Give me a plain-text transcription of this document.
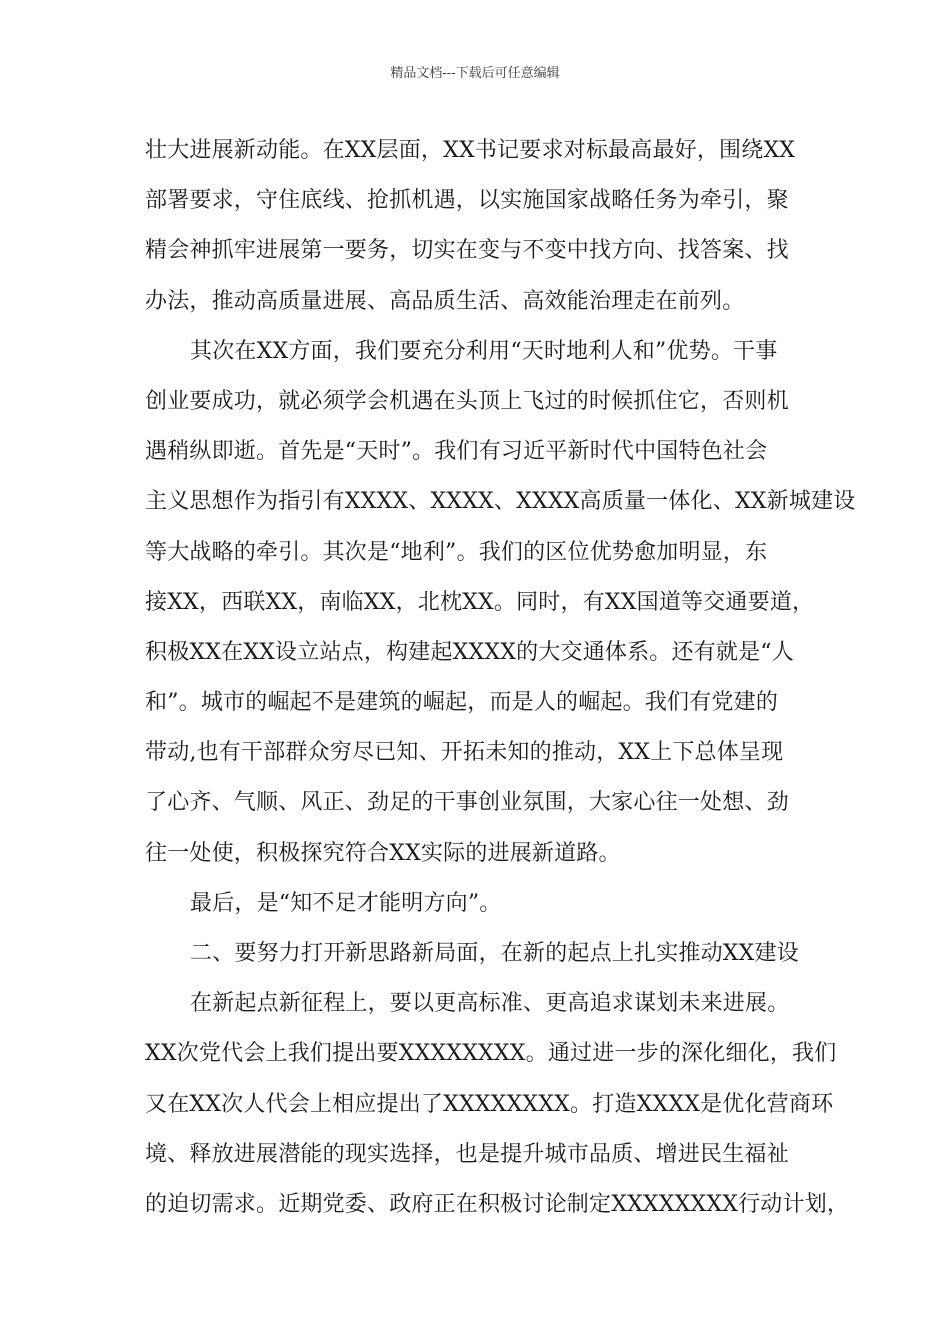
精品文档---下载后可任意编辑
壮大进展新动能。在XX层面，XX书记要求对标最高最好，围绕XX
部署要求，守住底线、抢抓机遇，以实施国家战略任务为牵引，聚
精会神抓牢进展第一要务，切实在变与不变中找方向、找答案、找
办法，推动高质量进展、高品质生活、高效能治理走在前列。
其次在XX方面，我们要充分利用“天时地利人和”优势。干事
创业要成功，就必须学会机遇在头顶上飞过的时候抓住它，否则机
遇稍纵即逝。首先是“天时”。我们有习近平新时代中国特色社会
主义思想作为指引有XXXX、XXXX、XXXX高质量一体化、XX新城建设
等大战略的牵引。其次是“地利”。我们的区位优势愈加明显，东
接XX，西联XX，南临XX，北枕XX。同时，有XX国道等交通要道，
积极XX在XX设立站点，构建起XXXX的大交通体系。还有就是“人
和”。城市的崛起不是建筑的崛起，而是人的崛起。我们有党建的
带动,也有干部群众穷尽已知、开拓未知的推动，XX上下总体呈现
了心齐、气顺、风正、劲足的干事创业氛围，大家心往一处想、劲
往一处使，积极探究符合XX实际的进展新道路。
最后，是“知不足才能明方向”。
二、要努力打开新思路新局面，在新的起点上扎实推动XX建设
在新起点新征程上，要以更高标准、更高追求谋划未来进展。
XX次党代会上我们提出要XXXXXXXX。通过进一步的深化细化，我们
又在XX次人代会上相应提出了XXXXXXXX。打造XXXX是优化营商环
境、释放进展潜能的现实选择，也是提升城市品质、增进民生福祉
的迫切需求。近期党委、政府正在积极讨论制定XXXXXXXX行动计划，
